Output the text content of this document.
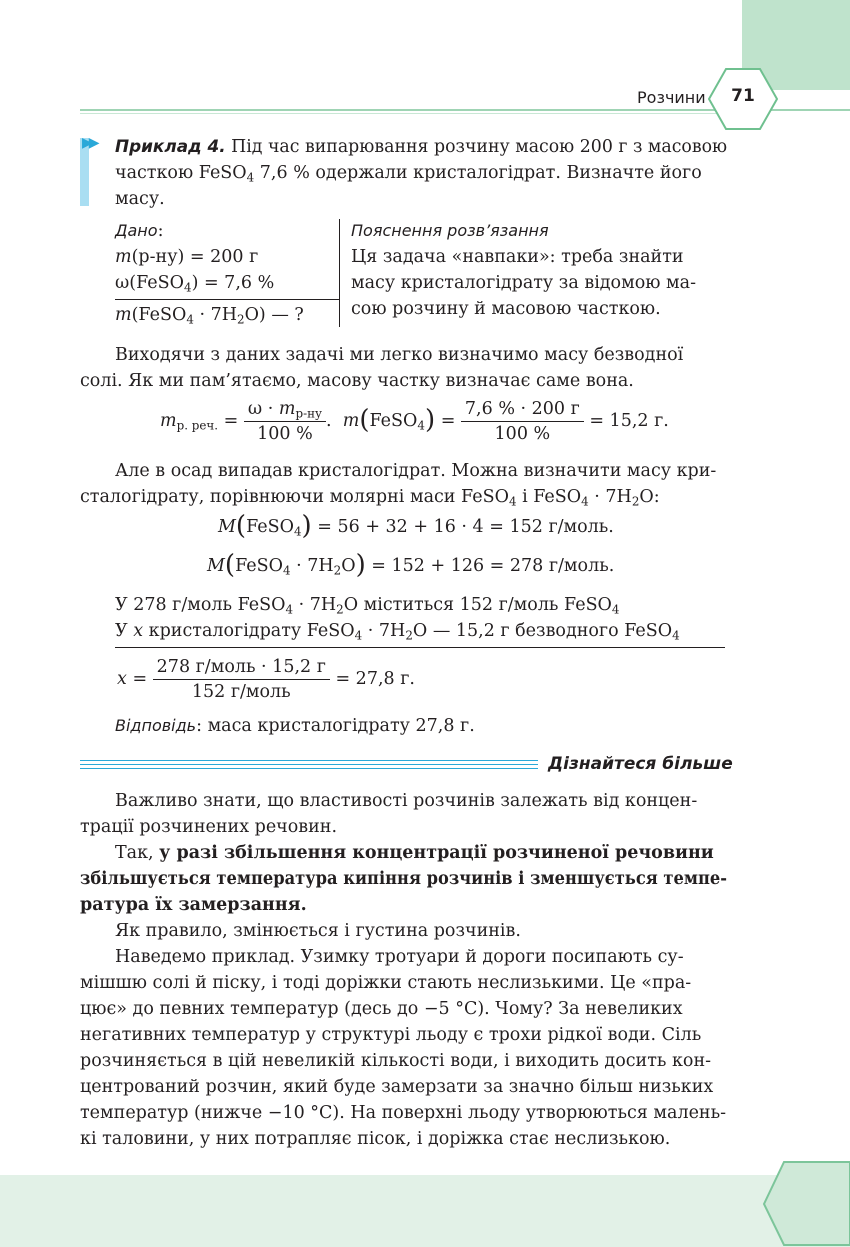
Розчини	71
▶▶ Приклад 4. Під час випарювання розчину масою 200 г з масовою
часткою FeSO$_4$ 7,6 % одержали кристалогідрат. Визначте його
масу.
Дано:
m(р-ну) = 200 г
ω(FeSO$_4$) = 7,6 %
m(FeSO$_4$ · $7H_2O$) — ?
Пояснення розв’язання
Ця задача «навпаки»: треба знайти
масу кристалогідрату за відомою ма-
сою розчину й масовою часткою.
Виходячи з даних задачі ми легко визначимо масу безводної
солі. Як ми пам’ятаємо, масову частку визначає саме вона.
$m_{р. реч.} = \frac{\omega \cdot m_{р-ну}}{100 \%}$ . m(FeSO$_4$) = $\frac{7,6 \% \cdot 200 г}{100 \%} = 15,2$ г.
Але в осад випадав кристалогідрат. Можна визначити масу кри-
сталогідрату, порівнюючи молярні маси FeSO$_4$ і FeSO$_4$ · $7H_2O$:
M(FeSO$_4$) = 56 + 32 + 16 · 4 = 152 г/моль.
M(FeSO$_4$ · $7H_2O) = 152 + 126 = 278$ г/моль.
У 278 г/моль FeSO$_4$ · $7H_2O$ міститься 152 г/моль FeSO$_4$
У x кристалогідрату FeSO$_4$ · $7H_2O$ — 15,2 г безводного FeSO$_4$
$x = \frac{\text{278 г/моль · 15,2 г}}{\text{152 г/моль}} = 27,8$ г.
Відповідь: маса кристалогідрату 27,8 г.
Дізнайтеся більше
Важливо знати, що властивості розчинів залежать від концен-
трації розчинених речовин.
Так, у разі збільшення концентрації розчиненої речовини
збільшується температура кипіння розчинів і зменшується темпе-
ратура їх замерзання.
Як правило, змінюється і густина розчинів.
Наведемо приклад. Узимку тротуари й дороги посипають су-
мішшю солі й піску, і тоді доріжки стають неслизькими. Це «пра-
цює» до певних температур (десь до −5 °С). Чому? За невеликих
негативних температур у структурі льоду є трохи рідкої води. Сіль
розчиняється в цій невеликій кількості води, і виходить досить кон-
центрований розчин, який буде замерзати за значно більш низьких
температур (нижче −10 °С). На поверхні льоду утворюються малень-
кі таловини, у них потрапляє пісок, і доріжка стає неслизькою.
